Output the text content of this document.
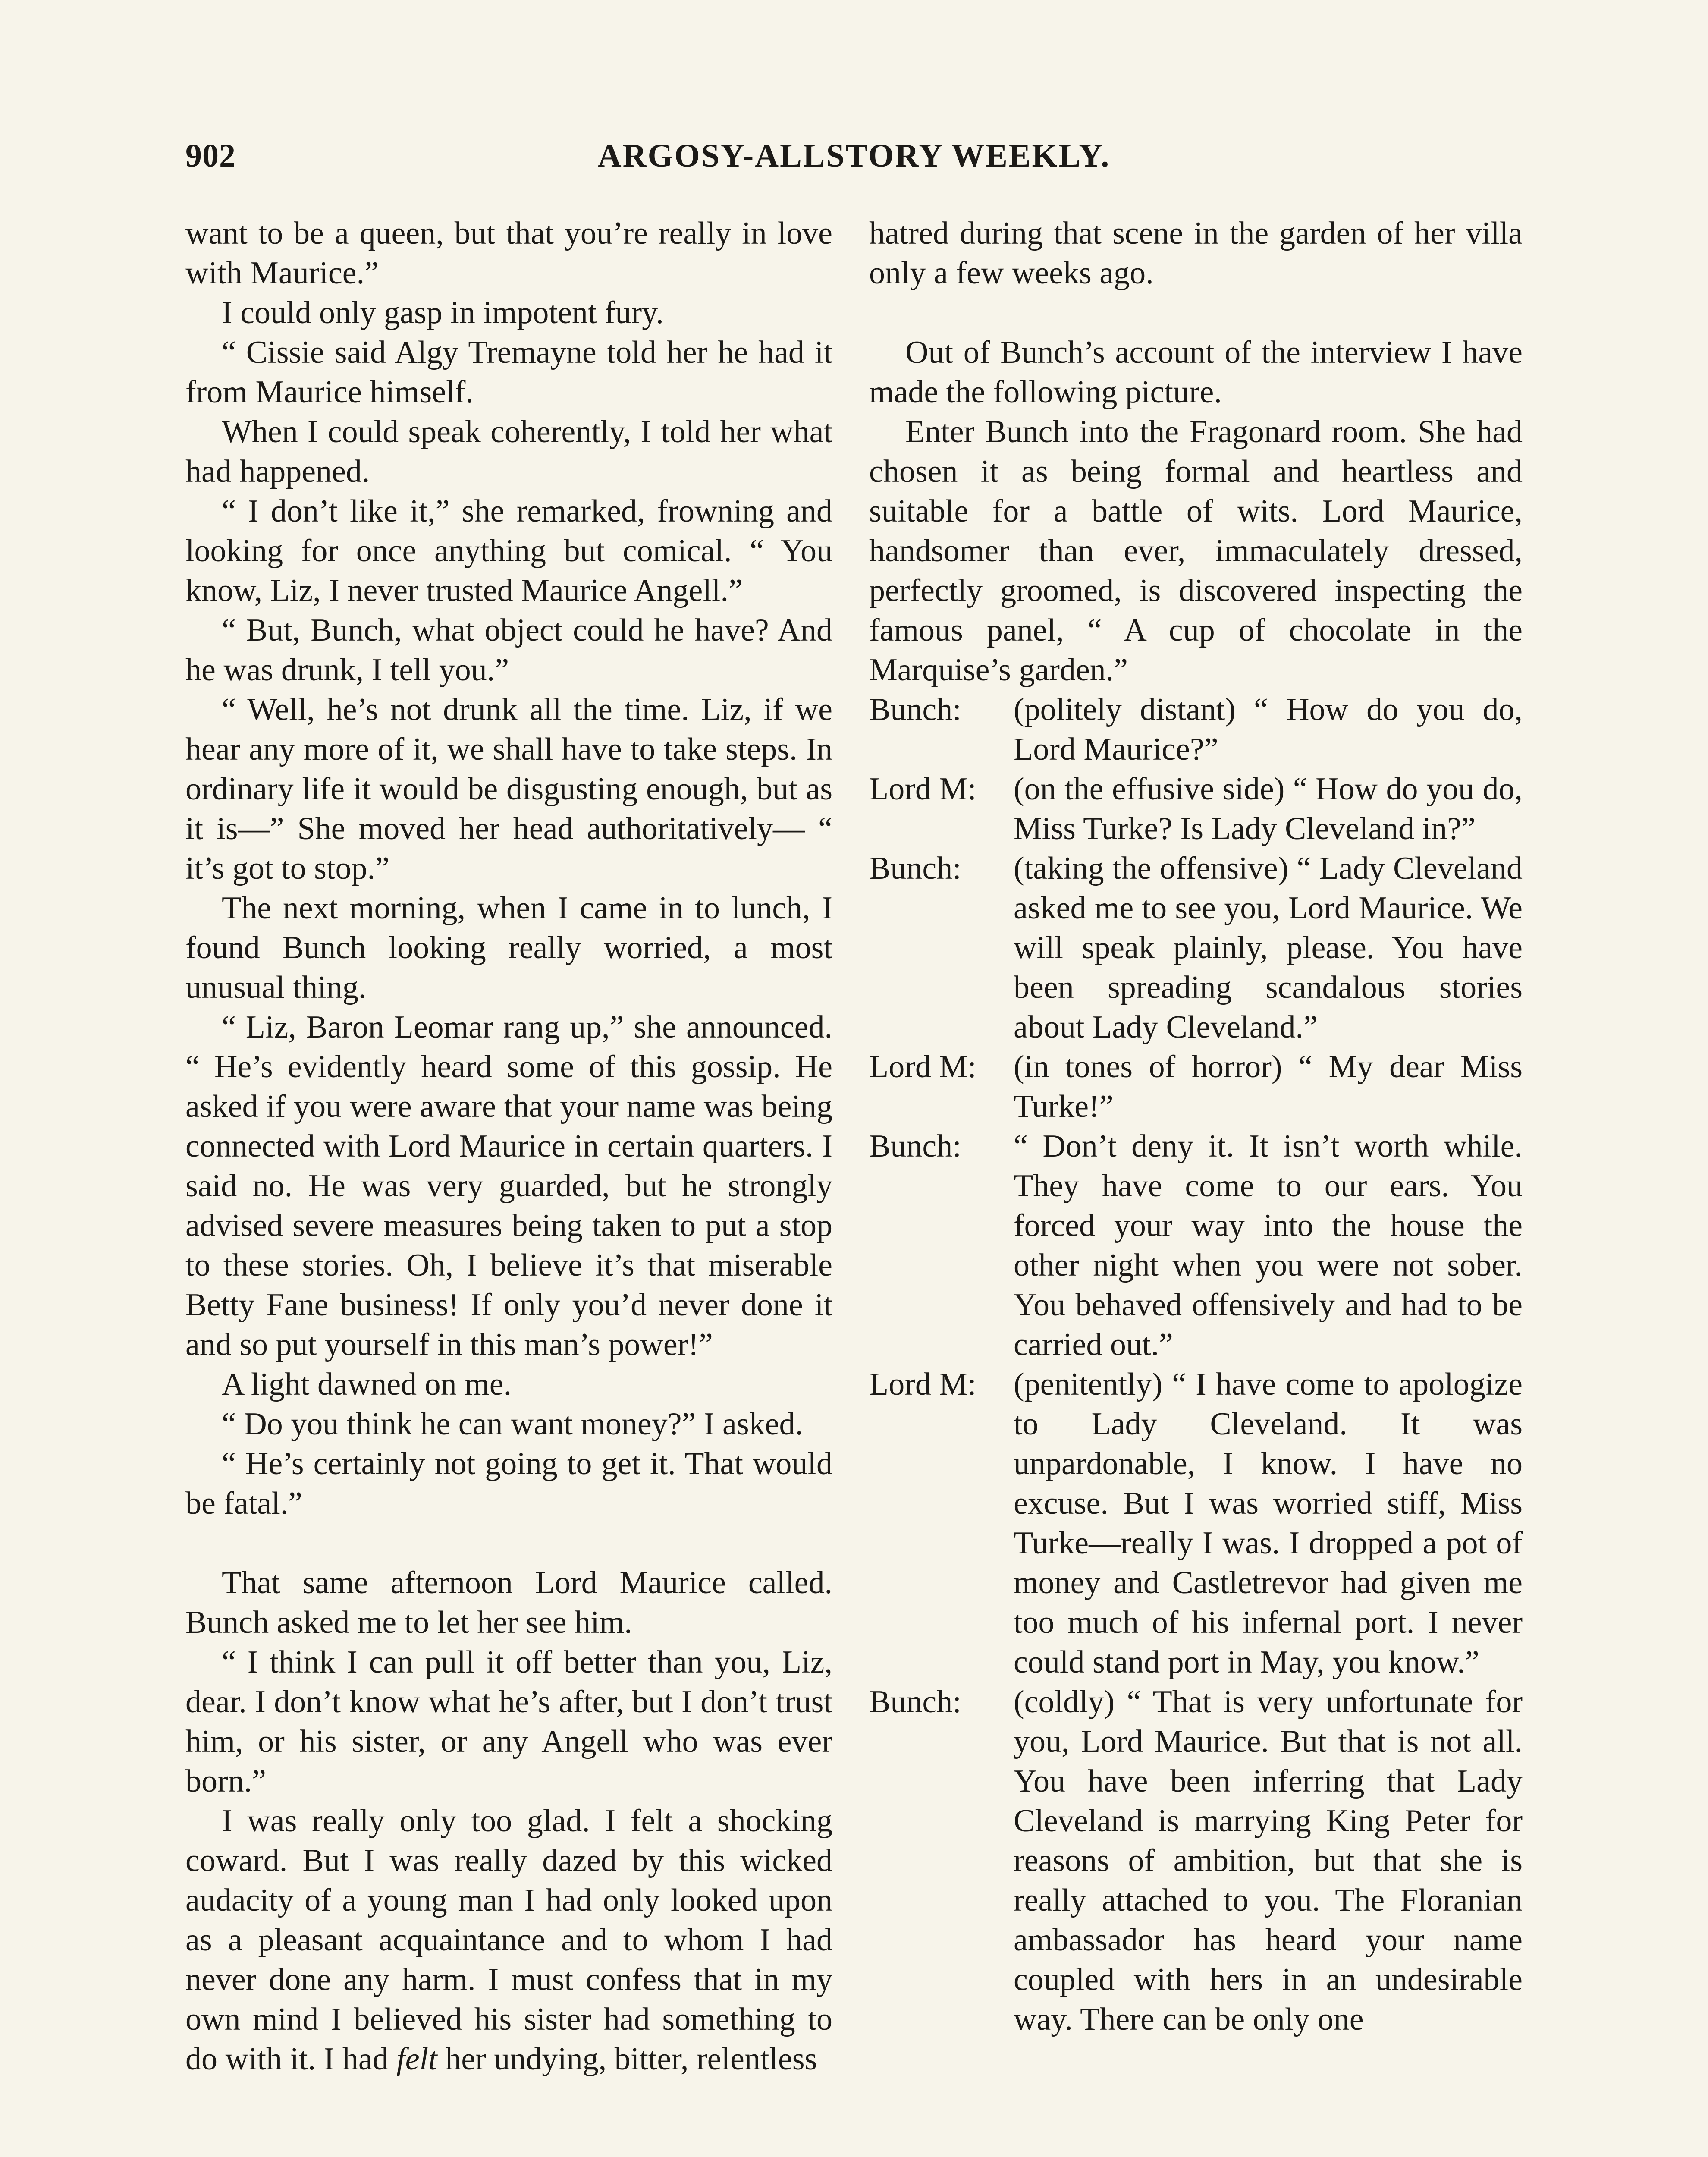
902	ARGOSY-ALLSTORY WEEKLY.

want to be a queen, but that you’re really in love with Maurice.”

I could only gasp in impotent fury.

“ Cissie said Algy Tremayne told her he had it from Maurice himself.

When I could speak coherently, I told her what had happened.

“ I don’t like it,” she remarked, frowning and looking for once anything but comical. “ You know, Liz, I never trusted Maurice Angell.”

“ But, Bunch, what object could he have? And he was drunk, I tell you.”

“ Well, he’s not drunk all the time. Liz, if we hear any more of it, we shall have to take steps. In ordinary life it would be disgusting enough, but as it is—” She moved her head authoritatively— “ it’s got to stop.”

The next morning, when I came in to lunch, I found Bunch looking really worried, a most unusual thing.

“ Liz, Baron Leomar rang up,” she announced. “ He’s evidently heard some of this gossip. He asked if you were aware that your name was being connected with Lord Maurice in certain quarters. I said no. He was very guarded, but he strongly advised severe measures being taken to put a stop to these stories. Oh, I believe it’s that miserable Betty Fane business! If only you’d never done it and so put yourself in this man’s power!”

A light dawned on me.

“ Do you think he can want money?” I asked.

“ He’s certainly not going to get it. That would be fatal.”

That same afternoon Lord Maurice called. Bunch asked me to let her see him.

“ I think I can pull it off better than you, Liz, dear. I don’t know what he’s after, but I don’t trust him, or his sister, or any Angell who was ever born.”

I was really only too glad. I felt a shocking coward. But I was really dazed by this wicked audacity of a young man I had only looked upon as a pleasant acquaintance and to whom I had never done any harm. I must confess that in my own mind I believed his sister had something to do with it. I had felt her undying, bitter, relentless

hatred during that scene in the garden of her villa only a few weeks ago.

Out of Bunch’s account of the interview I have made the following picture.

Enter Bunch into the Fragonard room. She had chosen it as being formal and heartless and suitable for a battle of wits. Lord Maurice, handsomer than ever, immaculately dressed, perfectly groomed, is discovered inspecting the famous panel, “ A cup of chocolate in the Marquise’s garden.”

Bunch:	(politely distant) “ How do you do, Lord Maurice?”
Lord M:	(on the effusive side) “ How do you do, Miss Turke? Is Lady Cleveland in?”
Bunch:	(taking the offensive) “ Lady Cleveland asked me to see you, Lord Maurice. We will speak plainly, please. You have been spreading scandalous stories about Lady Cleveland.”
Lord M:	(in tones of horror) “ My dear Miss Turke!”
Bunch:	“ Don’t deny it. It isn’t worth while. They have come to our ears. You forced your way into the house the other night when you were not sober. You behaved offensively and had to be carried out.”
Lord M:	(penitently) “ I have come to apologize to Lady Cleveland. It was unpardonable, I know. I have no excuse. But I was worried stiff, Miss Turke—really I was. I dropped a pot of money and Castletrevor had given me too much of his infernal port. I never could stand port in May, you know.”
Bunch:	(coldly) “ That is very unfortunate for you, Lord Maurice. But that is not all. You have been inferring that Lady Cleveland is marrying King Peter for reasons of ambition, but that she is really attached to you. The Floranian ambassador has heard your name coupled with hers in an undesirable way. There can be only one
